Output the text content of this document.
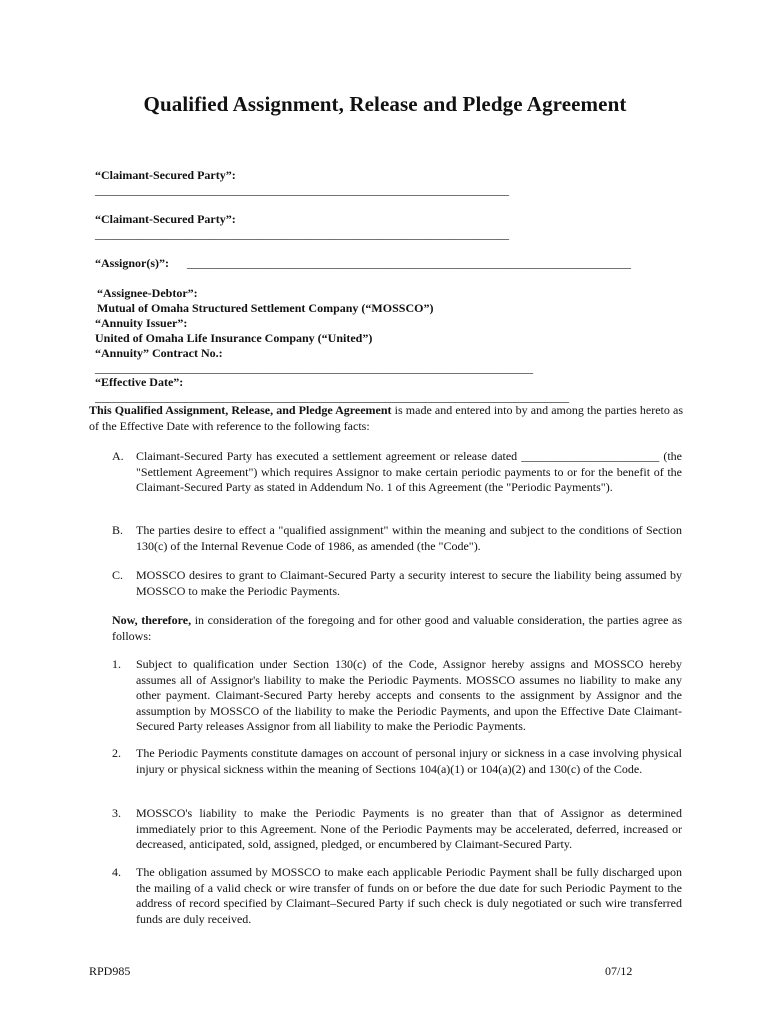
Qualified Assignment, Release and Pledge Agreement

“Claimant-Secured Party”:
_____________________________________________________________________

“Claimant-Secured Party”:
_____________________________________________________________________

“Assignor(s)”: __________________________________________________________________________

“Assignee-Debtor”:
Mutual of Omaha Structured Settlement Company (“MOSSCO”)

“Annuity Issuer”:
United of Omaha Life Insurance Company (“United”)

“Annuity” Contract No.:
_________________________________________________________________________

“Effective Date”:
_______________________________________________________________________________

This Qualified Assignment, Release, and Pledge Agreement is made and entered into by and among the parties hereto as of the Effective Date with reference to the following facts:
A. Claimant-Secured Party has executed a settlement agreement or release dated _______________________ (the "Settlement Agreement") which requires Assignor to make certain periodic payments to or for the benefit of the Claimant-Secured Party as stated in Addendum No. 1 of this Agreement (the "Periodic Payments").
B. The parties desire to effect a "qualified assignment" within the meaning and subject to the conditions of Section 130(c) of the Internal Revenue Code of 1986, as amended (the "Code").
C. MOSSCO desires to grant to Claimant-Secured Party a security interest to secure the liability being assumed by MOSSCO to make the Periodic Payments.
Now, therefore, in consideration of the foregoing and for other good and valuable consideration, the parties agree as follows:
1. Subject to qualification under Section 130(c) of the Code, Assignor hereby assigns and MOSSCO hereby assumes all of Assignor's liability to make the Periodic Payments. MOSSCO assumes no liability to make any other payment. Claimant-Secured Party hereby accepts and consents to the assignment by Assignor and the assumption by MOSSCO of the liability to make the Periodic Payments, and upon the Effective Date Claimant-Secured Party releases Assignor from all liability to make the Periodic Payments.
2. The Periodic Payments constitute damages on account of personal injury or sickness in a case involving physical injury or physical sickness within the meaning of Sections 104(a)(1) or 104(a)(2) and 130(c) of the Code.
3. MOSSCO's liability to make the Periodic Payments is no greater than that of Assignor as determined immediately prior to this Agreement. None of the Periodic Payments may be accelerated, deferred, increased or decreased, anticipated, sold, assigned, pledged, or encumbered by Claimant-Secured Party.
4. The obligation assumed by MOSSCO to make each applicable Periodic Payment shall be fully discharged upon the mailing of a valid check or wire transfer of funds on or before the due date for such Periodic Payment to the address of record specified by Claimant–Secured Party if such check is duly negotiated or such wire transferred funds are duly received.
RPD985	07/12
